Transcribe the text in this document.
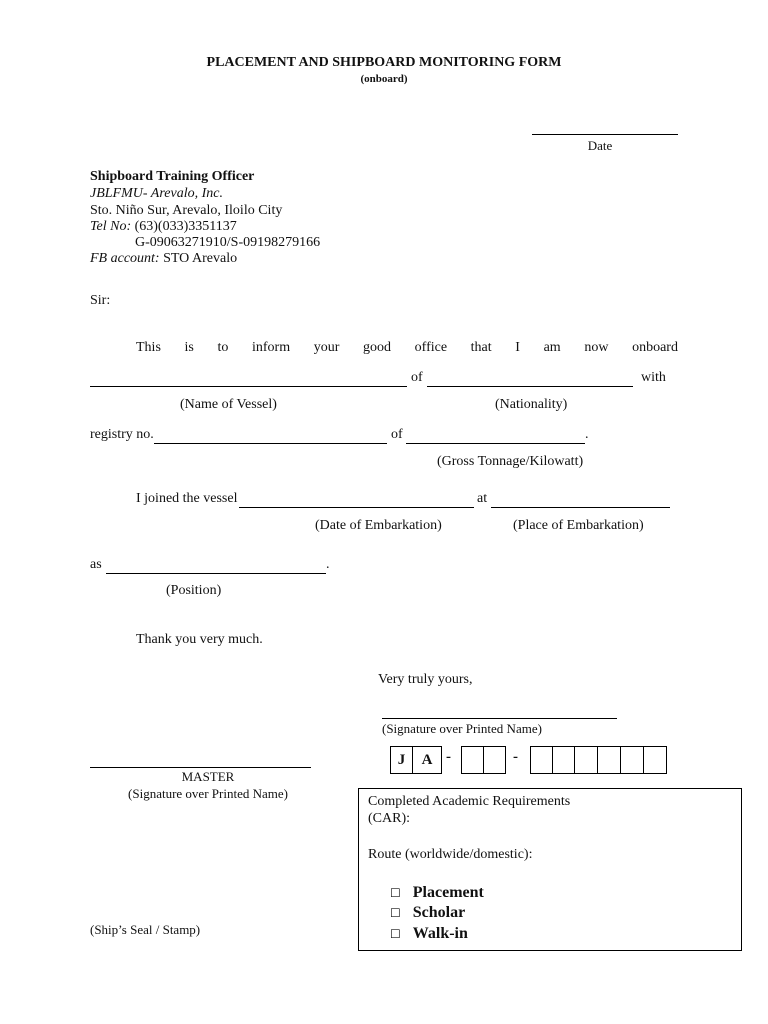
PLACEMENT AND SHIPBOARD MONITORING FORM
(onboard)
Date
Shipboard Training Officer
JBLFMU- Arevalo, Inc.
Sto. Niño Sur, Arevalo, Iloilo City
Tel No: (63)(033)3351137
G-09063271910/S-09198279166
FB account: STO Arevalo
Sir:
This is to inform your good office that I am now onboard
of	with
(Name of Vessel)	(Nationality)
registry no.	of	.
(Gross Tonnage/Kilowatt)
I joined the vessel	at
(Date of Embarkation)	(Place of Embarkation)
as	.
(Position)
Thank you very much.
Very truly yours,
(Signature over Printed Name)
MASTER
(Signature over Printed Name)
J	A -	-
Completed Academic Requirements
(CAR):
Route (worldwide/domestic):
☐ Placement
☐ Scholar
☐ Walk-in
(Ship’s Seal / Stamp)
